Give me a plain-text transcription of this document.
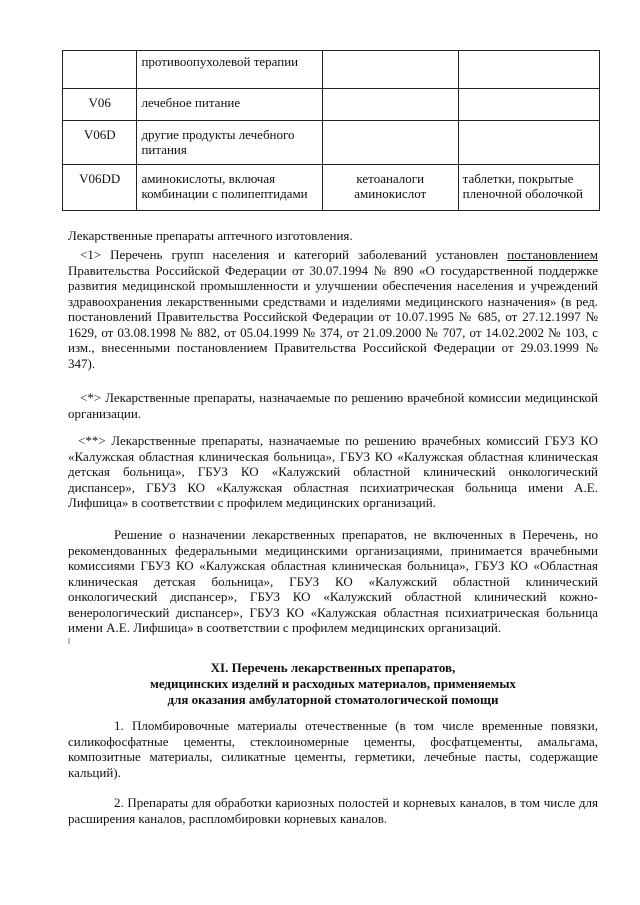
	противоопухолевой терапии		
V06	лечебное питание		
V06D	другие продукты лечебного питания		
V06DD	аминокислоты, включая комбинации с полипептидами	кетоаналоги аминокислот	таблетки, покрытые пленочной оболочкой

Лекарственные препараты аптечного изготовления.

<1> Перечень групп населения и категорий заболеваний установлен постановлением Правительства Российской Федерации от 30.07.1994 № 890 «О государственной поддержке развития медицинской промышленности и улучшении обеспечения населения и учреждений здравоохранения лекарственными средствами и изделиями медицинского назначения» (в ред. постановлений Правительства Российской Федерации от 10.07.1995 № 685, от 27.12.1997 № 1629, от 03.08.1998 № 882, от 05.04.1999 № 374, от 21.09.2000 № 707, от 14.02.2002 № 103, с изм., внесенными постановлением Правительства Российской Федерации от 29.03.1999 № 347).

<*> Лекарственные препараты, назначаемые по решению врачебной комиссии медицинской организации.

<**> Лекарственные препараты, назначаемые по решению врачебных комиссий ГБУЗ КО «Калужская областная клиническая больница», ГБУЗ КО «Калужская областная клиническая детская больница», ГБУЗ КО «Калужский областной клинический онкологический диспансер», ГБУЗ КО «Калужская областная психиатрическая больница имени А.Е. Лифшица» в соответствии с профилем медицинских организаций.

Решение о назначении лекарственных препаратов, не включенных в Перечень, но рекомендованных федеральными медицинскими организациями, принимается врачебными комиссиями ГБУЗ КО «Калужская областная клиническая больница», ГБУЗ КО «Областная клиническая детская больница», ГБУЗ КО «Калужский областной клинический онкологический диспансер», ГБУЗ КО «Калужский областной клинический кожно-венерологический диспансер», ГБУЗ КО «Калужская областная психиатрическая больница имени А.Е. Лифшица» в соответствии с профилем медицинских организаций.

XI. Перечень лекарственных препаратов,
медицинских изделий и расходных материалов, применяемых
для оказания амбулаторной стоматологической помощи

1. Пломбировочные материалы отечественные (в том числе временные повязки, силикофосфатные цементы, стеклоиномерные цементы, фосфатцементы, амальгама, композитные материалы, силикатные цементы, герметики, лечебные пасты, содержащие кальций).

2. Препараты для обработки кариозных полостей и корневых каналов, в том числе для расширения каналов, распломбировки корневых каналов.
